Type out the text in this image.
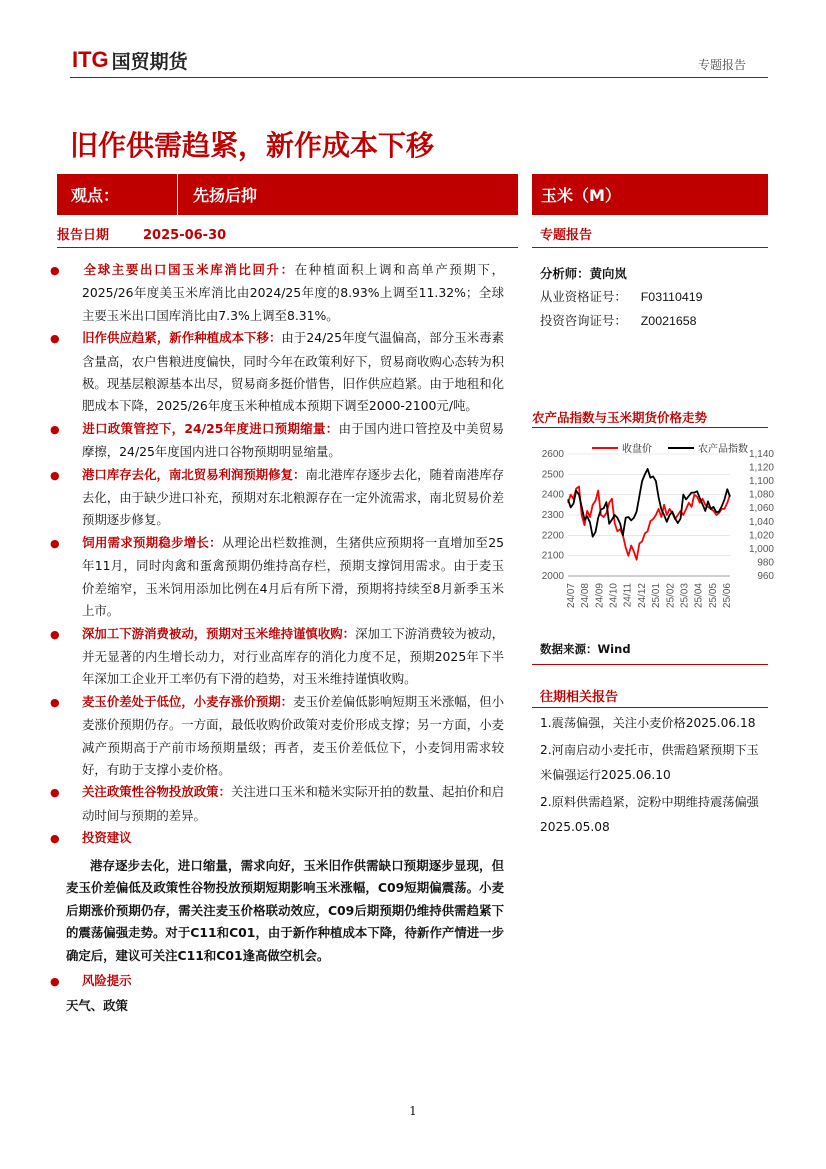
ITG 国贸期货	专题报告
旧作供需趋紧，新作成本下移
观点：	先扬后抑	玉米（M）
报告日期	2025-06-30	专题报告

● 全球主要出口国玉米库消比回升：在种植面积上调和高单产预期下，2025/26年度美玉米库消比由2024/25年度的8.93%上调至11.32%；全球主要玉米出口国库消比由7.3%上调至8.31%。

● 旧作供应趋紧，新作种植成本下移：由于24/25年度气温偏高，部分玉米毒素含量高，农户售粮进度偏快，同时今年在政策利好下，贸易商收购心态转为积极。现基层粮源基本出尽，贸易商多挺价惜售，旧作供应趋紧。由于地租和化肥成本下降，2025/26年度玉米种植成本预期下调至2000-2100元/吨。

● 进口政策管控下，24/25年度进口预期缩量：由于国内进口管控及中美贸易摩擦，24/25年度国内进口谷物预期明显缩量。

● 港口库存去化，南北贸易利润预期修复：南北港库存逐步去化，随着南港库存去化，由于缺少进口补充，预期对东北粮源存在一定外流需求，南北贸易价差预期逐步修复。

● 饲用需求预期稳步增长：从理论出栏数推测，生猪供应预期将一直增加至25年11月，同时肉禽和蛋禽预期仍维持高存栏，预期支撑饲用需求。由于麦玉价差缩窄，玉米饲用添加比例在4月后有所下滑，预期将持续至8月新季玉米上市。

● 深加工下游消费被动，预期对玉米维持谨慎收购：深加工下游消费较为被动，并无显著的内生增长动力，对行业高库存的消化力度不足，预期2025年下半年深加工企业开工率仍有下滑的趋势，对玉米维持谨慎收购。

● 麦玉价差处于低位，小麦存涨价预期：麦玉价差偏低影响短期玉米涨幅，但小麦涨价预期仍存。一方面，最低收购价政策对麦价形成支撑；另一方面，小麦减产预期高于产前市场预期量级；再者，麦玉价差低位下，小麦饲用需求较好，有助于支撑小麦价格。

● 关注政策性谷物投放政策：关注进口玉米和糙米实际开拍的数量、起拍价和启动时间与预期的差异。

● 投资建议

港存逐步去化，进口缩量，需求向好，玉米旧作供需缺口预期逐步显现，但麦玉价差偏低及政策性谷物投放预期短期影响玉米涨幅，C09短期偏震荡。小麦后期涨价预期仍存，需关注麦玉价格联动效应，C09后期预期仍维持供需趋紧下的震荡偏强走势。对于C11和C01，由于新作种植成本下降，待新作产情进一步确定后，建议可关注C11和C01逢高做空机会。

● 风险提示

天气、政策

分析师：黄向岚
从业资格证号： F03110419
投资咨询证号： Z0021658
农产品指数与玉米期货价格走势
2600
2500
2400
2300
2200
2100
2000
1,140
1,120
1,100
1,080
1,060
1,040
1,020
1,000
980
960
24/07 24/08 24/09 24/10 24/11 24/12 25/01 25/02 25/03 25/04 25/05 25/06
收盘价	农产品指数
数据来源：Wind
往期相关报告

1.震荡偏强，关注小麦价格2025.06.18

2.河南启动小麦托市，供需趋紧预期下玉米偏强运行2025.06.10

2.原料供需趋紧，淀粉中期维持震荡偏强2025.05.08

1
